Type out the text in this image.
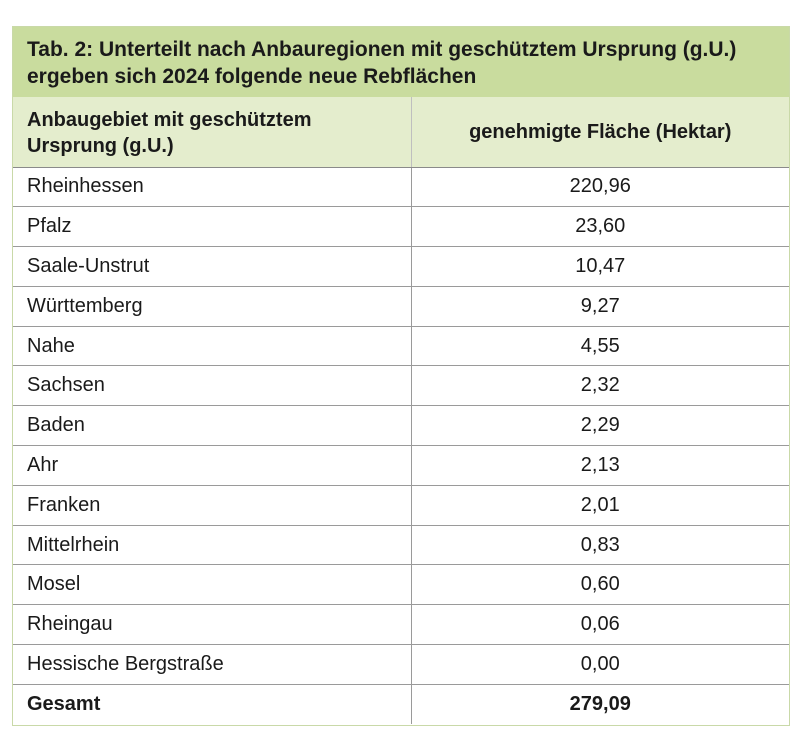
Tab. 2: Unterteilt nach Anbauregionen mit geschütztem Ursprung (g.U.) ergeben sich 2024 folgende neue Rebflächen
Anbaugebiet mit geschütztem Ursprung (g.U.)	genehmigte Fläche (Hektar)
Rheinhessen	220,96
Pfalz	23,60
Saale-Unstrut	10,47
Württemberg	9,27
Nahe	4,55
Sachsen	2,32
Baden	2,29
Ahr	2,13
Franken	2,01
Mittelrhein	0,83
Mosel	0,60
Rheingau	0,06
Hessische Bergstraße	0,00
Gesamt	279,09
